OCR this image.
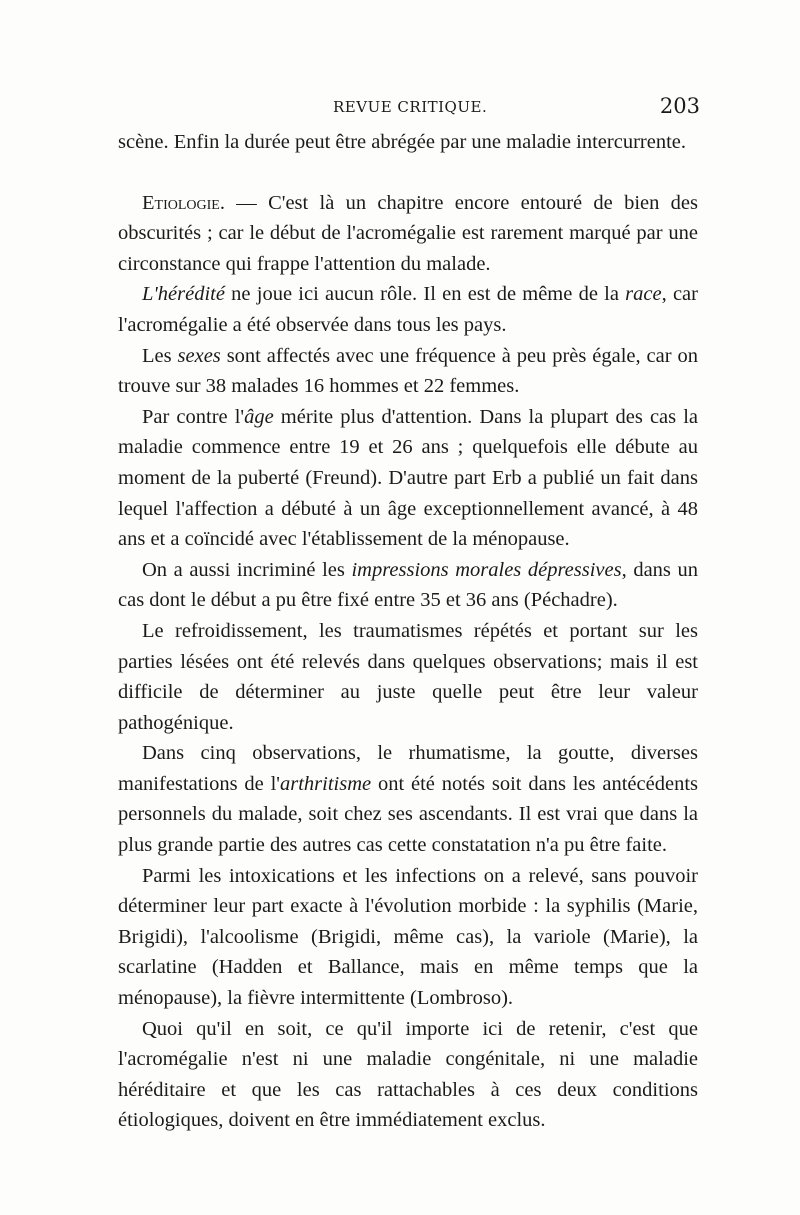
REVUE CRITIQUE.	203

scène. Enfin la durée peut être abrégée par une maladie intercurrente.

Etiologie. — C'est là un chapitre encore entouré de bien des obscurités ; car le début de l'acromégalie est rarement marqué par une circonstance qui frappe l'attention du malade.

L'hérédité ne joue ici aucun rôle. Il en est de même de la race, car l'acromégalie a été observée dans tous les pays.

Les sexes sont affectés avec une fréquence à peu près égale, car on trouve sur 38 malades 16 hommes et 22 femmes.

Par contre l'âge mérite plus d'attention. Dans la plupart des cas la maladie commence entre 19 et 26 ans ; quelquefois elle débute au moment de la puberté (Freund). D'autre part Erb a publié un fait dans lequel l'affection a débuté à un âge exceptionnellement avancé, à 48 ans et a coïncidé avec l'établissement de la ménopause.

On a aussi incriminé les impressions morales dépressives, dans un cas dont le début a pu être fixé entre 35 et 36 ans (Péchadre).

Le refroidissement, les traumatismes répétés et portant sur les parties lésées ont été relevés dans quelques observations; mais il est difficile de déterminer au juste quelle peut être leur valeur pathogénique.

Dans cinq observations, le rhumatisme, la goutte, diverses manifestations de l'arthritisme ont été notés soit dans les antécédents personnels du malade, soit chez ses ascendants. Il est vrai que dans la plus grande partie des autres cas cette constatation n'a pu être faite.

Parmi les intoxications et les infections on a relevé, sans pouvoir déterminer leur part exacte à l'évolution morbide : la syphilis (Marie, Brigidi), l'alcoolisme (Brigidi, même cas), la variole (Marie), la scarlatine (Hadden et Ballance, mais en même temps que la ménopause), la fièvre intermittente (Lombroso).

Quoi qu'il en soit, ce qu'il importe ici de retenir, c'est que l'acromégalie n'est ni une maladie congénitale, ni une maladie héréditaire et que les cas rattachables à ces deux conditions étiologiques, doivent en être immédiatement exclus.
